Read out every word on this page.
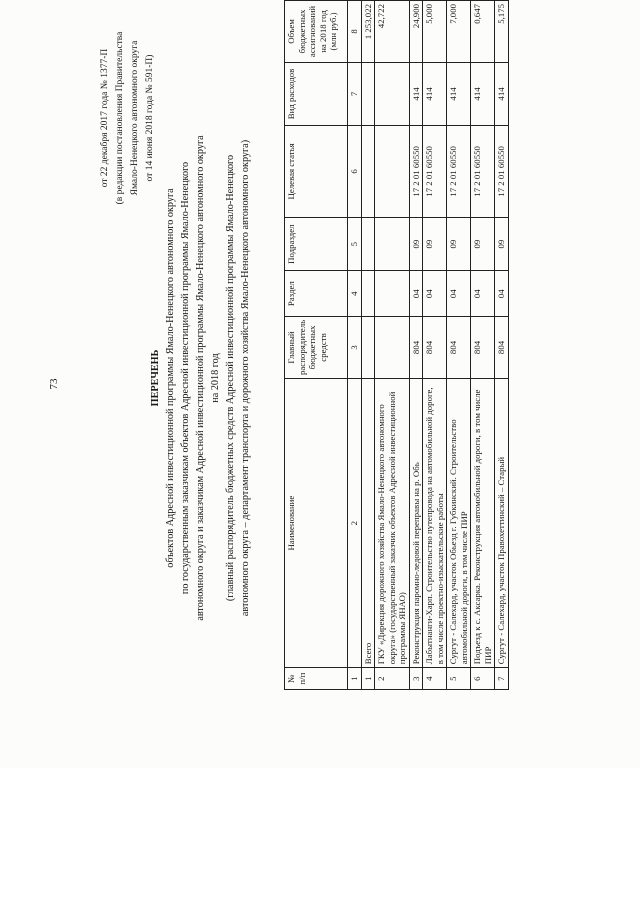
73
от 22 декабря 2017 года № 1377-П (в редакции постановления Правительства Ямало-Ненецкого автономного округа от 14 июня 2018 года № 591-П)
ПЕРЕЧЕНЬ объектов Адресной инвестиционной программы Ямало-Ненецкого автономного округа по государственным заказчикам объектов Адресной инвестиционной программы Ямало-Ненецкого автономного округа и заказчикам Адресной инвестиционной программы Ямало-Ненецкого автономного округа на 2018 год (главный распорядитель бюджетных средств Адресной инвестиционной программы Ямало-Ненецкого автономного округа – департамент транспорта и дорожного хозяйства Ямало-Ненецкого автономного округа)
№ п/п	Наименование	Главный распорядитель бюджетных средств	Раздел	Подраздел	Целевая статья	Вид расходов	Объем бюджетных ассигнований на 2018 год (млн руб.)
1	2	3	4	5	6	7	8
1	Всего						1 253,022
2	ГКУ «Дирекция дорожного хозяйства Ямало-Ненецкого автономного округа» (государственный заказчик объектов Адресной инвестиционной программы ЯНАО)						42,722
3	Реконструкция паромно-ледовой переправы на р. Обь	804	04	09	17 2 01 60550	414	24,900
4	Лабытнанги-Харп. Строительство путепровода на автомобильной дороге, в том числе проектно-изыскательские работы	804	04	09	17 2 01 60550	414	5,000
5	Сургут - Салехард, участок Обьезд г. Губкинский. Строительство автомобильной дороги, в том числе ПИР	804	04	09	17 2 01 60550	414	7,000
6	Подъезд к с. Аксарка. Реконструкция автомобильной дороги, в том числе ПИР	804	04	09	17 2 01 60550	414	0,647
7	Сургут - Салехард, участок Правохеттинский – Старый	804	04	09	17 2 01 60550	414	5,175
